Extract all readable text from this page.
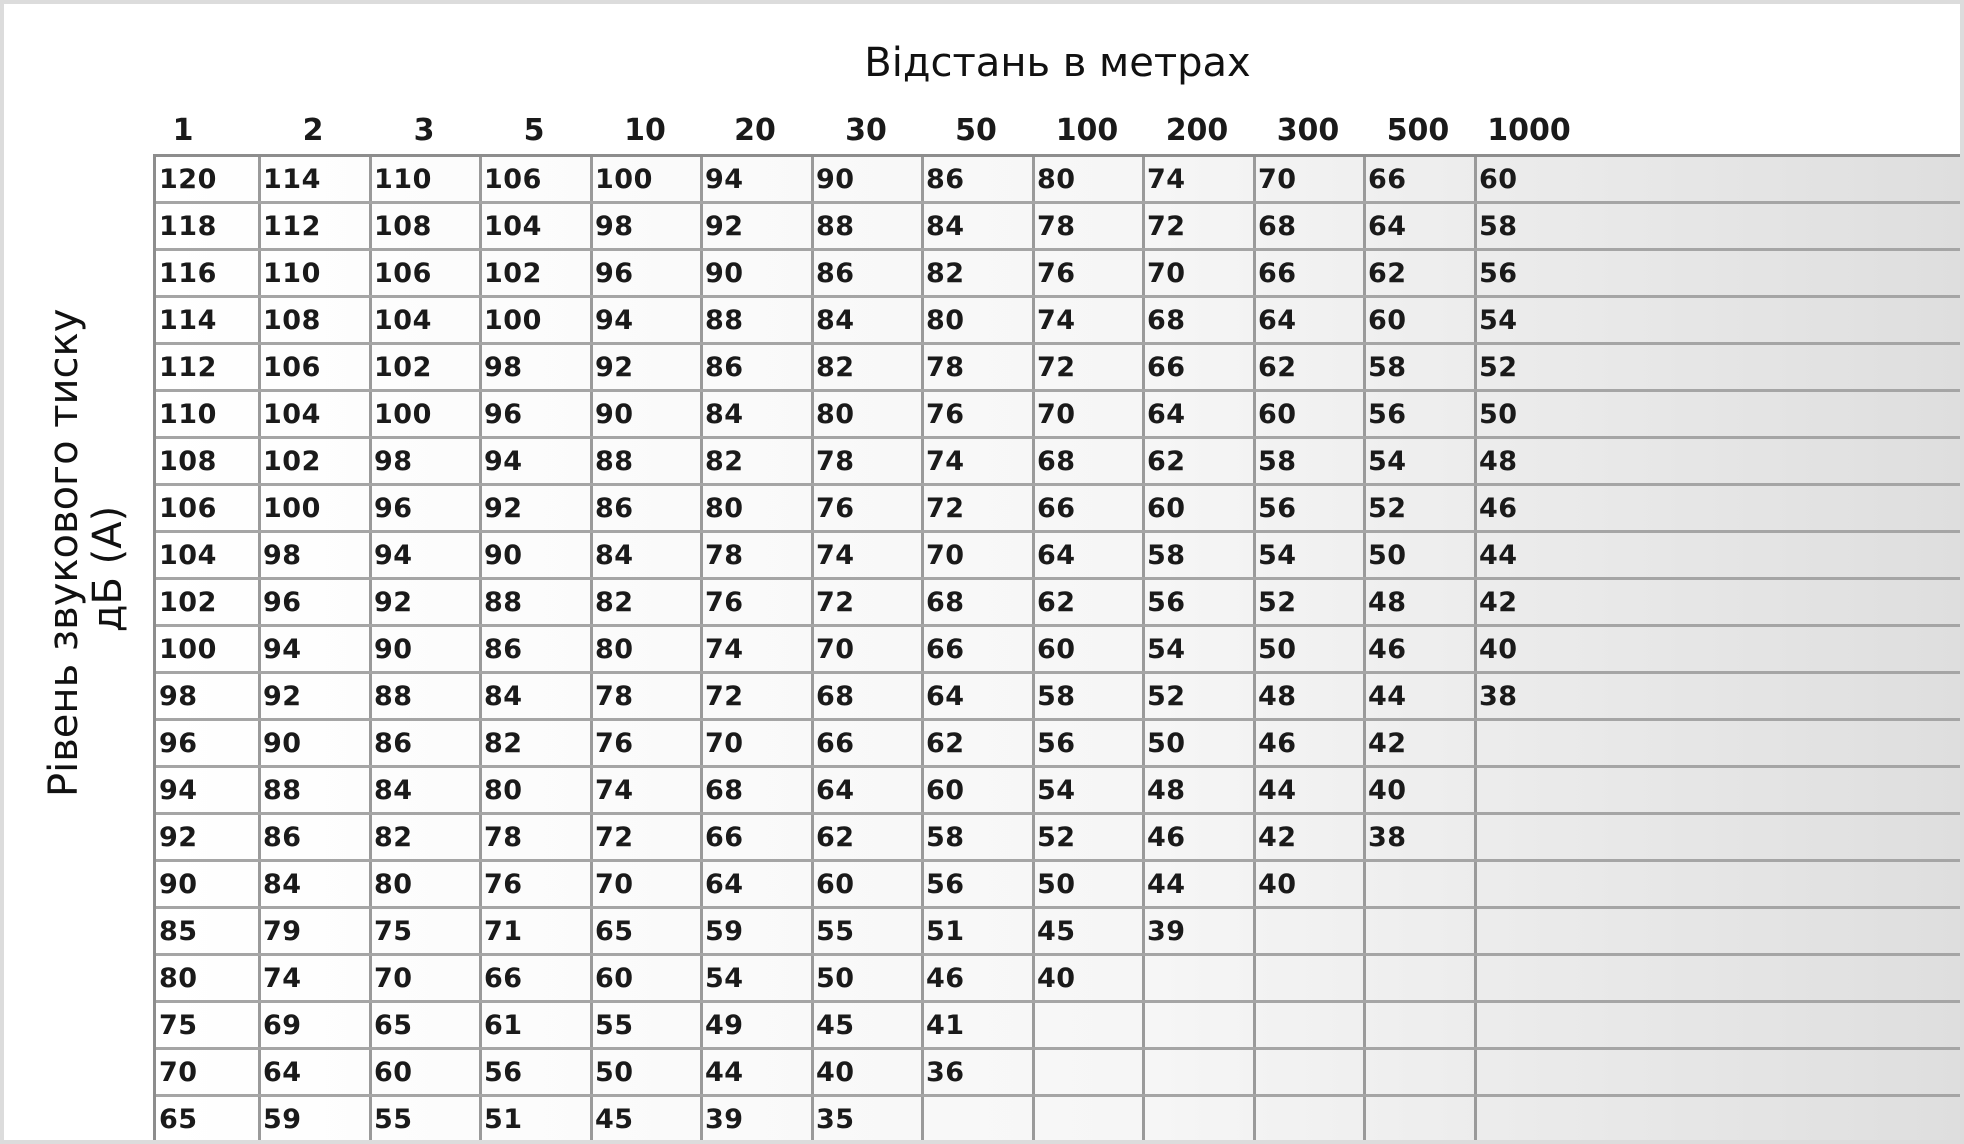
Відстань в метрах
Рівень звукового тиску
дБ (А)
1	2	3	5	10	20	30	50	100	200	300	500	1000
120	114	110	106	100	94	90	86	80	74	70	66	60
118	112	108	104	98	92	88	84	78	72	68	64	58
116	110	106	102	96	90	86	82	76	70	66	62	56
114	108	104	100	94	88	84	80	74	68	64	60	54
112	106	102	98	92	86	82	78	72	66	62	58	52
110	104	100	96	90	84	80	76	70	64	60	56	50
108	102	98	94	88	82	78	74	68	62	58	54	48
106	100	96	92	86	80	76	72	66	60	56	52	46
104	98	94	90	84	78	74	70	64	58	54	50	44
102	96	92	88	82	76	72	68	62	56	52	48	42
100	94	90	86	80	74	70	66	60	54	50	46	40
98	92	88	84	78	72	68	64	58	52	48	44	38
96	90	86	82	76	70	66	62	56	50	46	42
94	88	84	80	74	68	64	60	54	48	44	40
92	86	82	78	72	66	62	58	52	46	42	38
90	84	80	76	70	64	60	56	50	44	40
85	79	75	71	65	59	55	51	45	39
80	74	70	66	60	54	50	46	40
75	69	65	61	55	49	45	41
70	64	60	56	50	44	40	36
65	59	55	51	45	39	35
